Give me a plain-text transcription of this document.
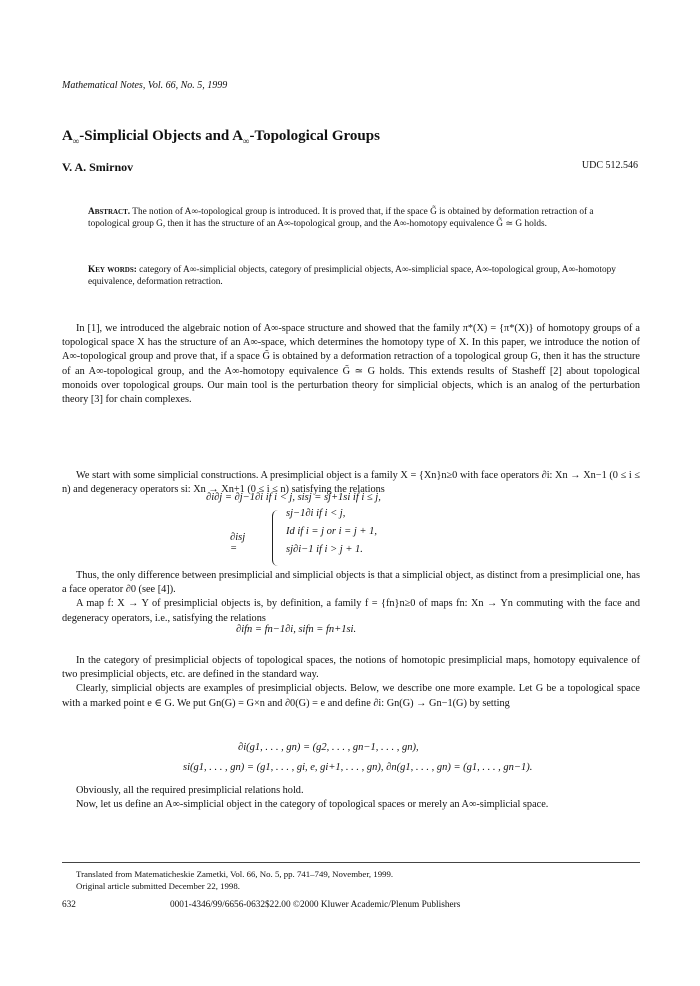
Mathematical Notes, Vol. 66, No. 5, 1999
$A_\infty$-Simplicial Objects and $A_\infty$-Topological Groups
V. A. Smirnov	UDC 512.546
Abstract. The notion of A∞-topological group is introduced. It is proved that, if the space G̃ is obtained by deformation retraction of a topological group G, then it has the structure of an A∞-topological group, and the A∞-homotopy equivalence G̃ ≃ G holds.
Key words: category of A∞-simplicial objects, category of presimplicial objects, A∞-simplicial space, A∞-topological group, A∞-homotopy equivalence, deformation retraction.

In [1], we introduced the algebraic notion of A∞-space structure and showed that the family π*(X) = {π*(X)} of homotopy groups of a topological space X has the structure of an A∞-space, which determines the homotopy type of X. In this paper, we introduce the notion of A∞-topological group and prove that, if a space G̃ is obtained by a deformation retraction of a topological group G, then it has the structure of an A∞-topological group, and the A∞-homotopy equivalence G̃ ≃ G holds. This extends results of Stasheff [2] about topological monoids over topological groups. Our main tool is the perturbation theory for simplicial objects, which is an analog of the perturbation theory [3] for chain complexes.

We start with some simplicial constructions. A presimplicial object is a family X = {Xn}n≥0 with face operators ∂i: Xn → Xn−1 (0 ≤ i ≤ n) and degeneracy operators si: Xn → Xn+1 (0 ≤ i ≤ n) satisfying the relations

∂i∂j = ∂j−1∂i if i < j, sisj = sj+1si if i ≤ j,
∂isj =
sj−1∂i if i < j,
Id if i = j or i = j + 1,
sj∂i−1 if i > j + 1.

Thus, the only difference between presimplicial and simplicial objects is that a simplicial object, as distinct from a presimplicial one, has a face operator ∂0 (see [4]).

A map f: X → Y of presimplicial objects is, by definition, a family f = {fn}n≥0 of maps fn: Xn → Yn commuting with the face and degeneracy operators, i.e., satisfying the relations

∂ifn = fn−1∂i, sifn = fn+1si.

In the category of presimplicial objects of topological spaces, the notions of homotopic presimplicial maps, homotopy equivalence of two presimplicial objects, etc. are defined in the standard way.

Clearly, simplicial objects are examples of presimplicial objects. Below, we describe one more example. Let G be a topological space with a marked point e ∈ G. We put Gn(G) = G×n and ∂0(G) = e and define ∂i: Gn(G) → Gn−1(G) by setting

∂i(g1, . . . , gn) = (g2, . . . , gn−1, . . . , gn),
si(g1, . . . , gn) = (g1, . . . , gi, e, gi+1, . . . , gn), ∂n(g1, . . . , gn) = (g1, . . . , gn−1).

Obviously, all the required presimplicial relations hold.

Now, let us define an A∞-simplicial object in the category of topological spaces or merely an A∞-simplicial space.

Translated from Matematicheskie Zametki, Vol. 66, No. 5, pp. 741–749, November, 1999.
Original article submitted December 22, 1998.
632	0001-4346/99/6656-0632$22.00 ©2000 Kluwer Academic/Plenum Publishers
